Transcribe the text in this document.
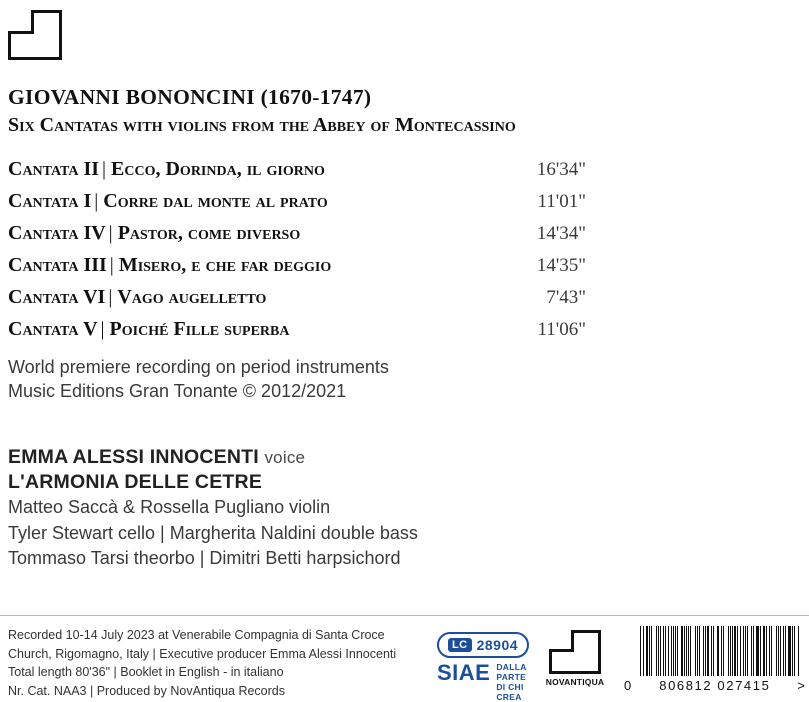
GIOVANNI BONONCINI (1670-1747)
Six Cantatas with violins from the Abbey of Montecassino
Cantata II | Ecco, Dorinda, il giorno	16'34"
Cantata I | Corre dal monte al prato	11'01"
Cantata IV | Pastor, come diverso	14'34"
Cantata III | Misero, e che far deggio	14'35"
Cantata VI | Vago augelletto	7'43"
Cantata V | Poiché Fille superba	11'06"
World premiere recording on period instruments
Music Editions Gran Tonante © 2012/2021
EMMA ALESSI INNOCENTI voice
L'ARMONIA DELLE CETRE
Matteo Saccà & Rossella Pugliano violin
Tyler Stewart cello | Margherita Naldini double bass
Tommaso Tarsi theorbo | Dimitri Betti harpsichord
Recorded 10-14 July 2023 at Venerabile Compagnia di Santa Croce
Church, Rigomagno, Italy | Executive producer Emma Alessi Innocenti
Total length 80'36" | Booklet in English - in italiano
Nr. Cat. NAA3 | Produced by NovAntiqua Records
LC 28904
SIAE DALLA
PARTE
DI CHI
CREA
NOVANTIQUA	0 806812 027415 >
